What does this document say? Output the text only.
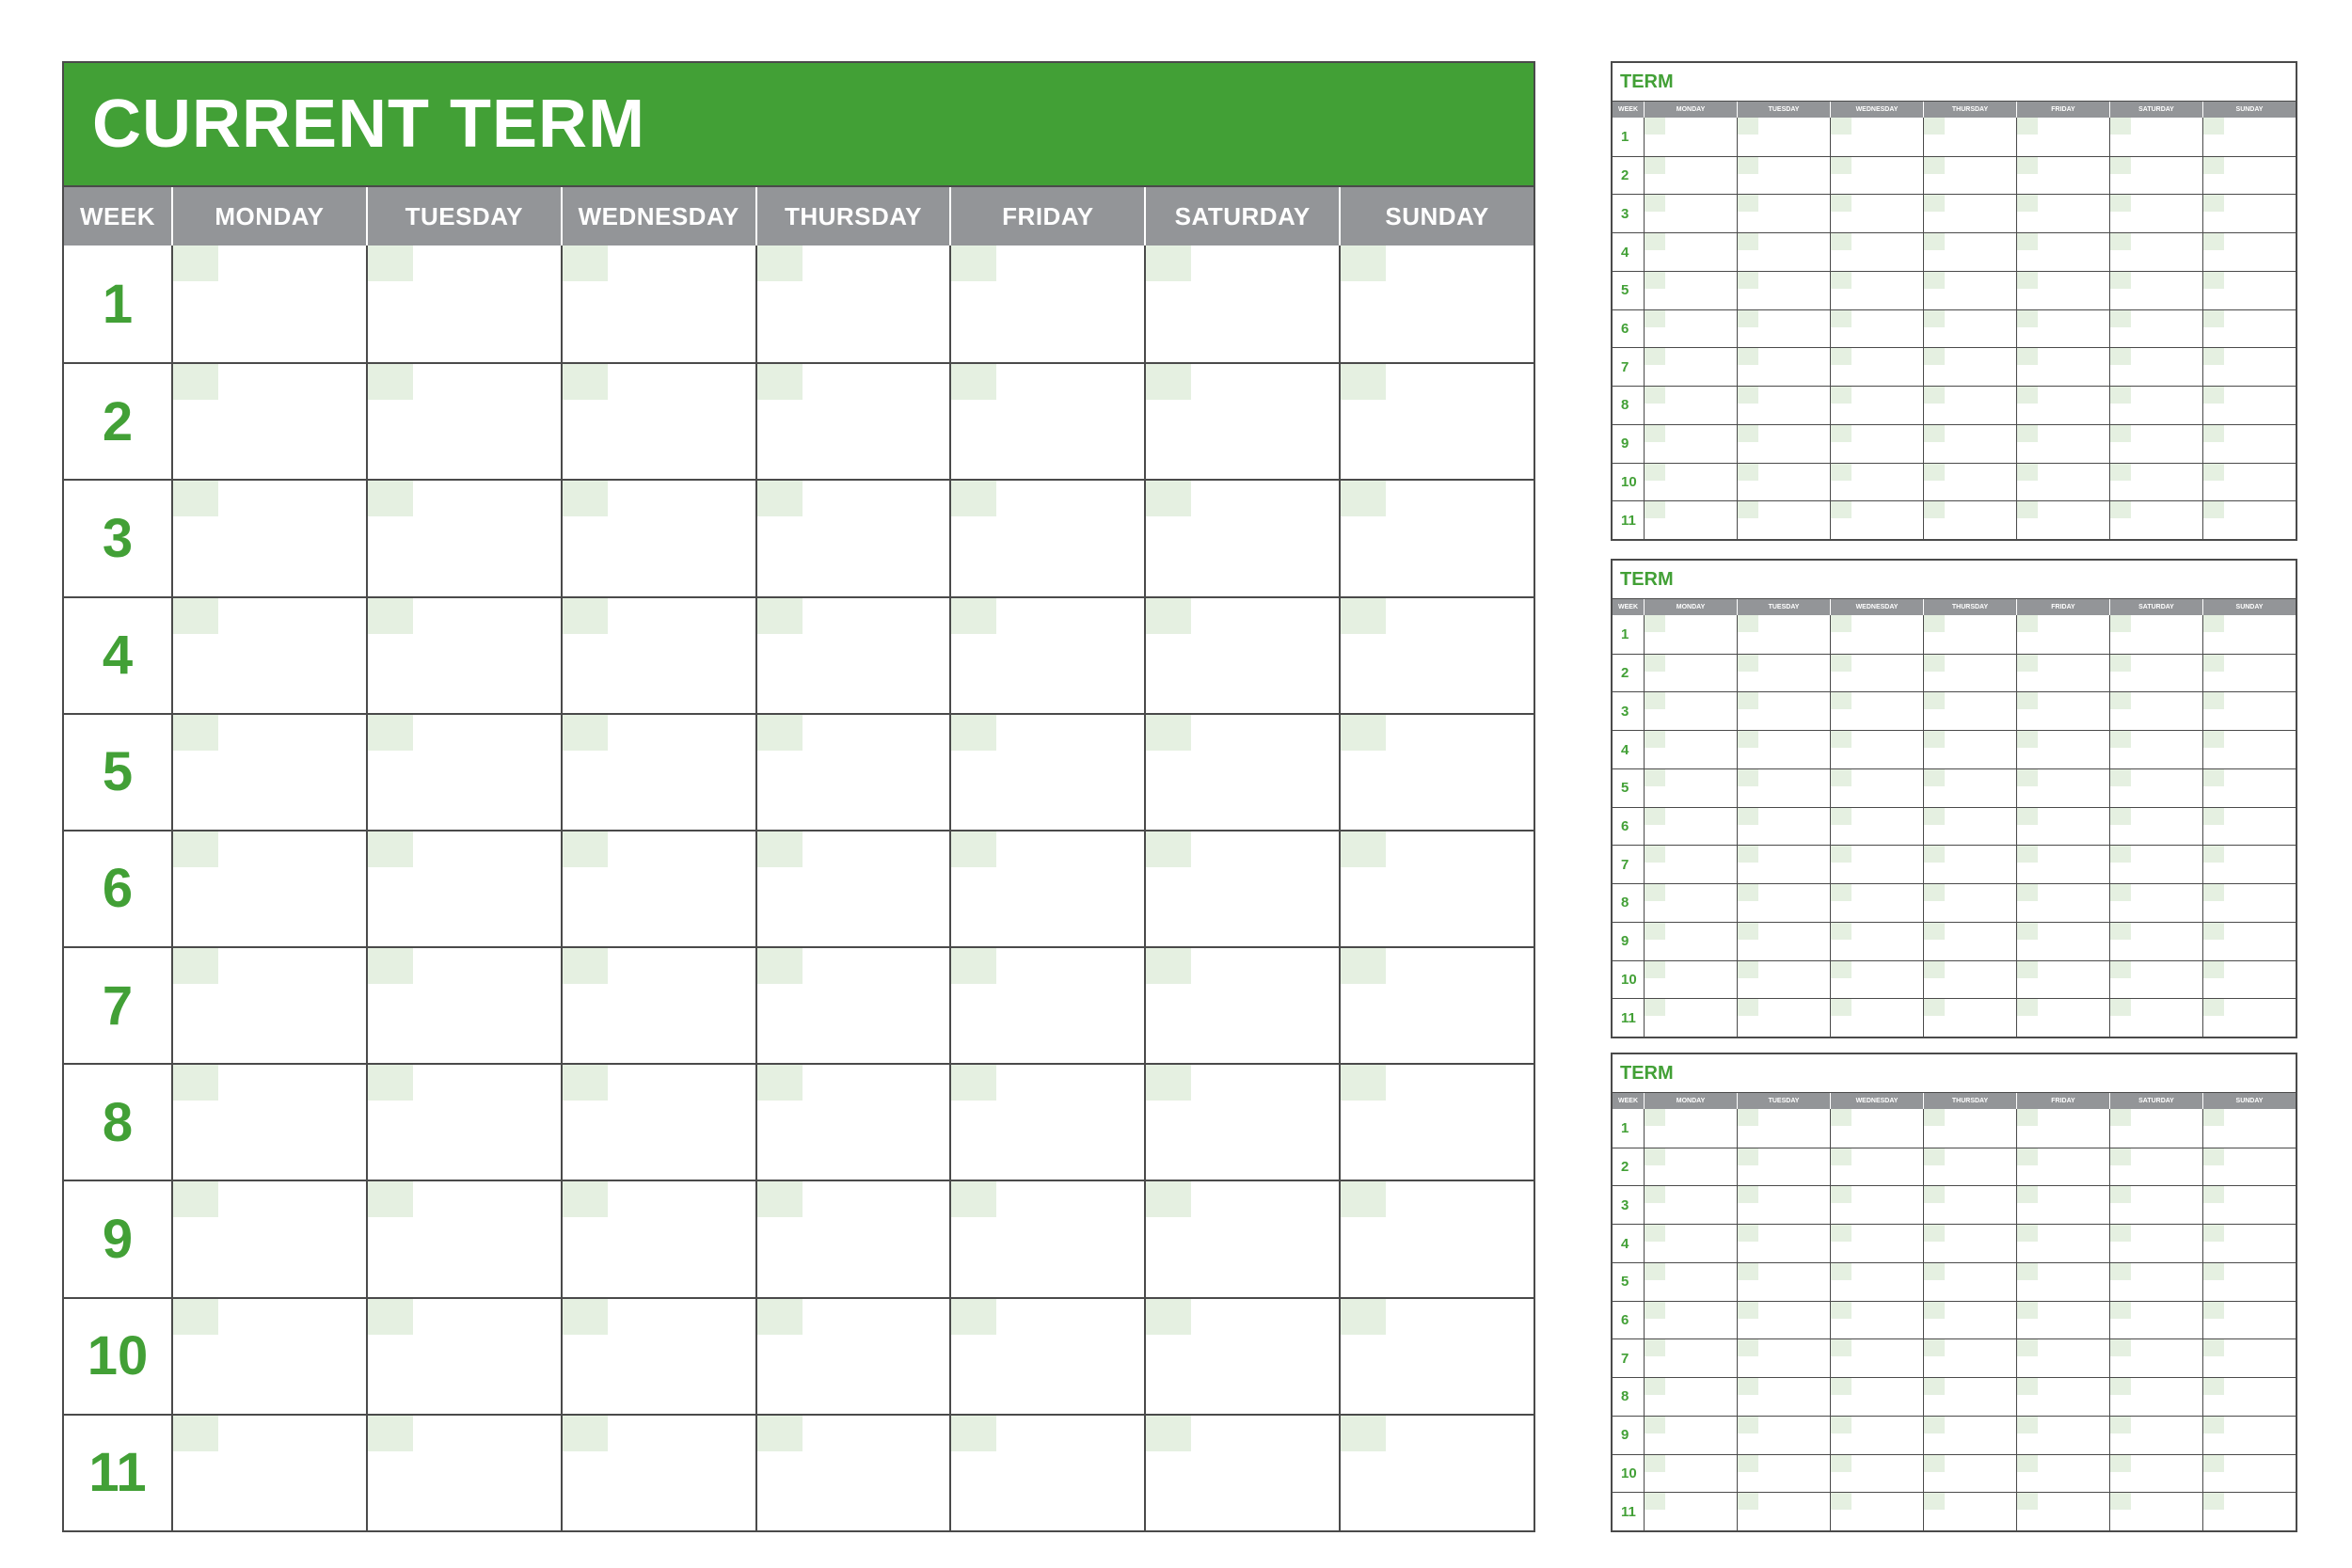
CURRENT TERM
WEEK	MONDAY	TUESDAY	WEDNESDAY	THURSDAY	FRIDAY	SATURDAY	SUNDAY
1
2
3
4
5
6
7
8
9
10
11
TERM
WEEK	MONDAY	TUESDAY	WEDNESDAY	THURSDAY	FRIDAY	SATURDAY	SUNDAY
1
2
3
4
5
6
7
8
9
10
11
TERM
WEEK	MONDAY	TUESDAY	WEDNESDAY	THURSDAY	FRIDAY	SATURDAY	SUNDAY
1
2
3
4
5
6
7
8
9
10
11
TERM
WEEK	MONDAY	TUESDAY	WEDNESDAY	THURSDAY	FRIDAY	SATURDAY	SUNDAY
1
2
3
4
5
6
7
8
9
10
11
